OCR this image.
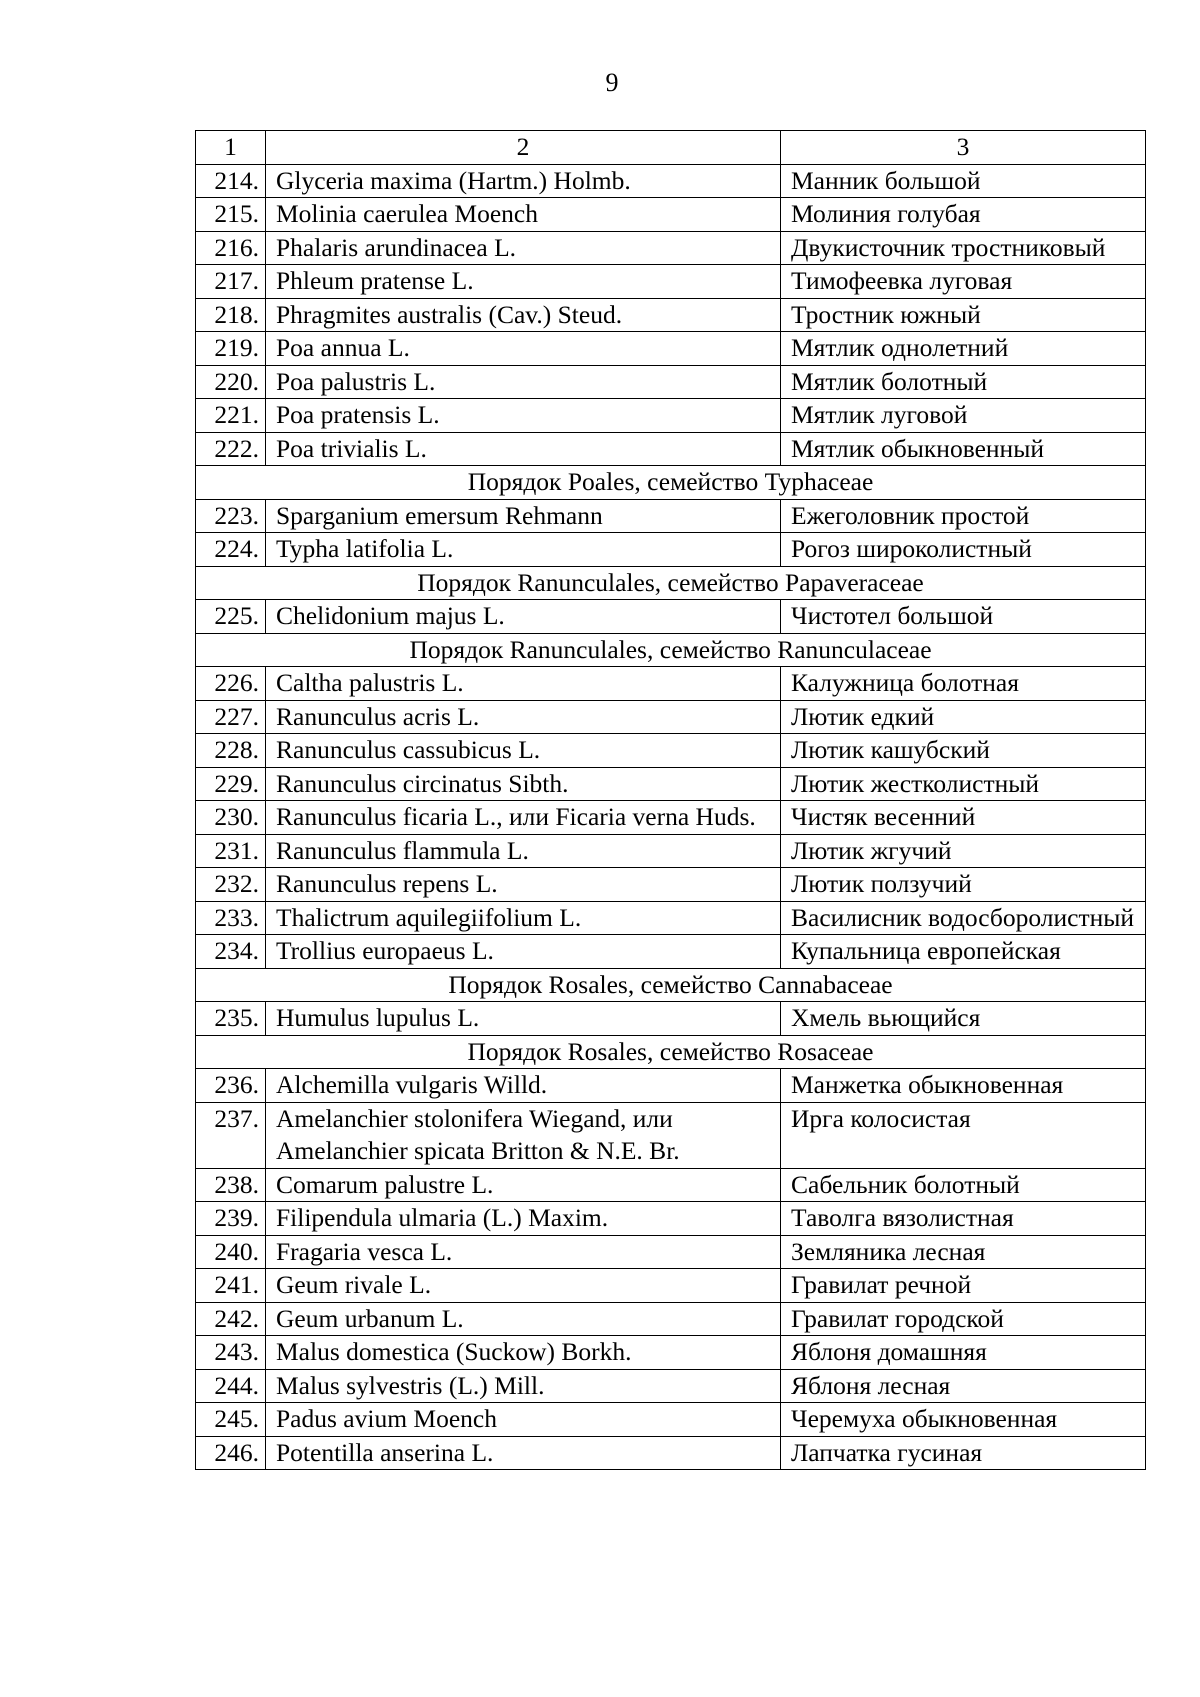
9
1	2	3
214.	Glyceria maxima (Hartm.) Holmb.	Манник большой
215.	Molinia caerulea Moench	Молиния голубая
216.	Phalaris arundinacea L.	Двукисточник тростниковый
217.	Phleum pratense L.	Тимофеевка луговая
218.	Phragmites australis (Cav.) Steud.	Тростник южный
219.	Poa annua L.	Мятлик однолетний
220.	Poa palustris L.	Мятлик болотный
221.	Poa pratensis L.	Мятлик луговой
222.	Poa trivialis L.	Мятлик обыкновенный
Порядок Poales, семейство Typhaceae		
223.	Sparganium emersum Rehmann	Ежеголовник простой
224.	Typha latifolia L.	Рогоз широколистный
Порядок Ranunculales, семейство Papaveraceae		
225.	Chelidonium majus L.	Чистотел большой
Порядок Ranunculales, семейство Ranunculaceae		
226.	Caltha palustris L.	Калужница болотная
227.	Ranunculus acris L.	Лютик едкий
228.	Ranunculus cassubicus L.	Лютик кашубский
229.	Ranunculus circinatus Sibth.	Лютик жестколистный
230.	Ranunculus ficaria L., или Ficaria verna Huds.	Чистяк весенний
231.	Ranunculus flammula L.	Лютик жгучий
232.	Ranunculus repens L.	Лютик ползучий
233.	Thalictrum aquilegiifolium L.	Василисник водосборолистный
234.	Trollius europaeus L.	Купальница европейская
Порядок Rosales, семейство Cannabaceae		
235.	Humulus lupulus L.	Хмель вьющийся
Порядок Rosales, семейство Rosaceae		
236.	Alchemilla vulgaris Willd.	Манжетка обыкновенная
237.	Amelanchier stolonifera Wiegand, или Amelanchier spicata Britton & N.E. Br.	Ирга колосистая
238.	Comarum palustre L.	Сабельник болотный
239.	Filipendula ulmaria (L.) Maxim.	Таволга вязолистная
240.	Fragaria vesca L.	Земляника лесная
241.	Geum rivale L.	Гравилат речной
242.	Geum urbanum L.	Гравилат городской
243.	Malus domestica (Suckow) Borkh.	Яблоня домашняя
244.	Malus sylvestris (L.) Mill.	Яблоня лесная
245.	Padus avium Moench	Черемуха обыкновенная
246.	Potentilla anserina L.	Лапчатка гусиная
